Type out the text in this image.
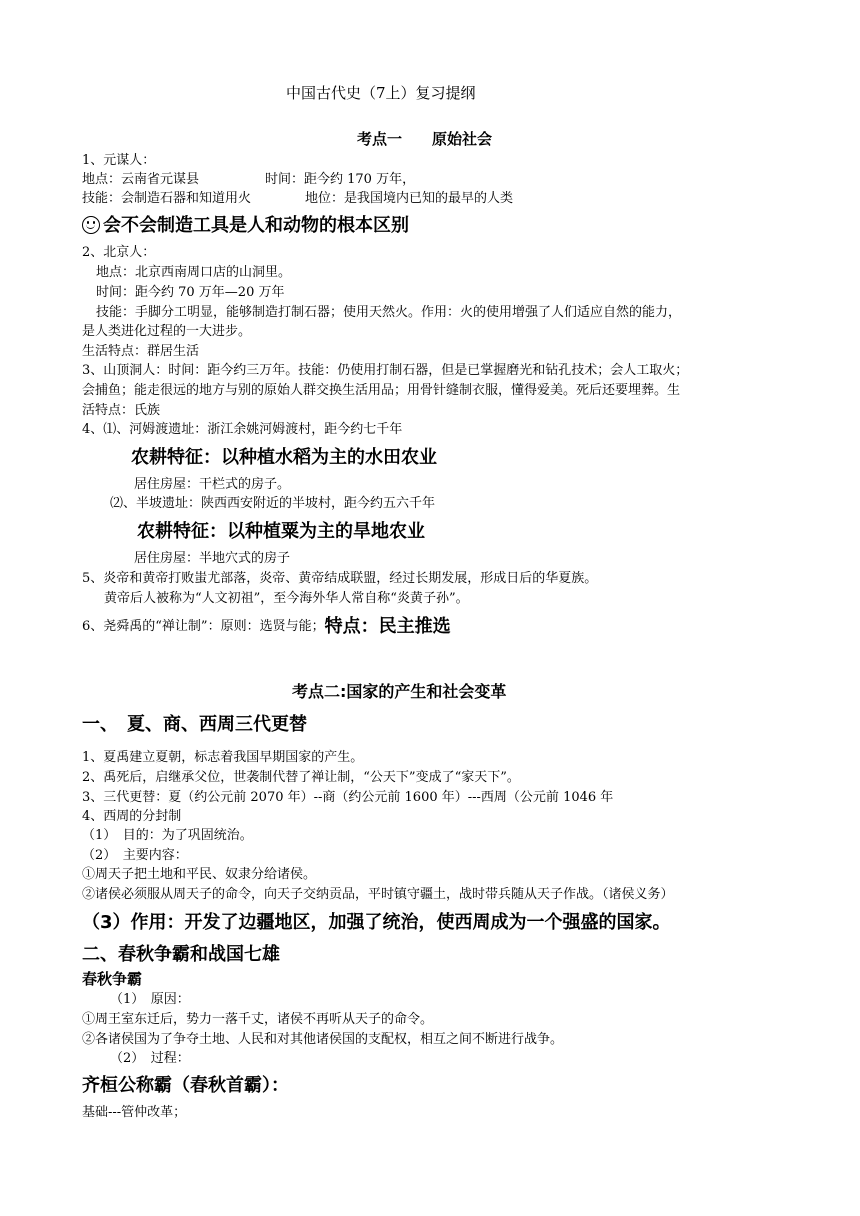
中国古代史（7上）复习提纲
考点一　　原始社会
1、元谋人：
地点：云南省元谋县	时间：距今约 170 万年，
技能：会制造石器和知道用火	地位：是我国境内已知的最早的人类
会不会制造工具是人和动物的根本区别
2、北京人：
地点：北京西南周口店的山洞里。
时间：距今约 70 万年—20 万年
技能：手脚分工明显，能够制造打制石器；使用天然火。作用：火的使用增强了人们适应自然的能力，
是人类进化过程的一大进步。
生活特点：群居生活
3、山顶洞人：时间：距今约三万年。技能：仍使用打制石器，但是已掌握磨光和钻孔技术；会人工取火；
会捕鱼；能走很远的地方与别的原始人群交换生活用品；用骨针缝制衣服，懂得爱美。死后还要埋葬。生
活特点：氏族
4、⑴、河姆渡遗址：浙江余姚河姆渡村，距今约七千年
农耕特征：以种植水稻为主的水田农业
居住房屋：干栏式的房子。
⑵、半坡遗址：陕西西安附近的半坡村，距今约五六千年
农耕特征：以种植粟为主的旱地农业
居住房屋：半地穴式的房子
5、炎帝和黄帝打败蚩尤部落，炎帝、黄帝结成联盟，经过长期发展，形成日后的华夏族。
黄帝后人被称为“人文初祖”，至今海外华人常自称“炎黄子孙”。
6、尧舜禹的“禅让制”：原则：选贤与能；特点：民主推选
考点二:国家的产生和社会变革
一、　夏、商、西周三代更替
1、夏禹建立夏朝，标志着我国早期国家的产生。
2、禹死后，启继承父位，世袭制代替了禅让制，“公天下”变成了“家天下”。
3、三代更替：夏（约公元前 2070 年）--商（约公元前 1600 年）---西周（公元前 1046 年
4、西周的分封制
（1）　目的：为了巩固统治。
（2）　主要内容：
①周天子把土地和平民、奴隶分给诸侯。
②诸侯必须服从周天子的命令，向天子交纳贡品，平时镇守疆土，战时带兵随从天子作战。（诸侯义务）
（3）作用：开发了边疆地区，加强了统治，使西周成为一个强盛的国家。
二、春秋争霸和战国七雄
春秋争霸
（1）　原因：
①周王室东迁后，势力一落千丈，诸侯不再听从天子的命令。
②各诸侯国为了争夺土地、人民和对其他诸侯国的支配权，相互之间不断进行战争。
（2）　过程：
齐桓公称霸（春秋首霸）：
基础---管仲改革；
